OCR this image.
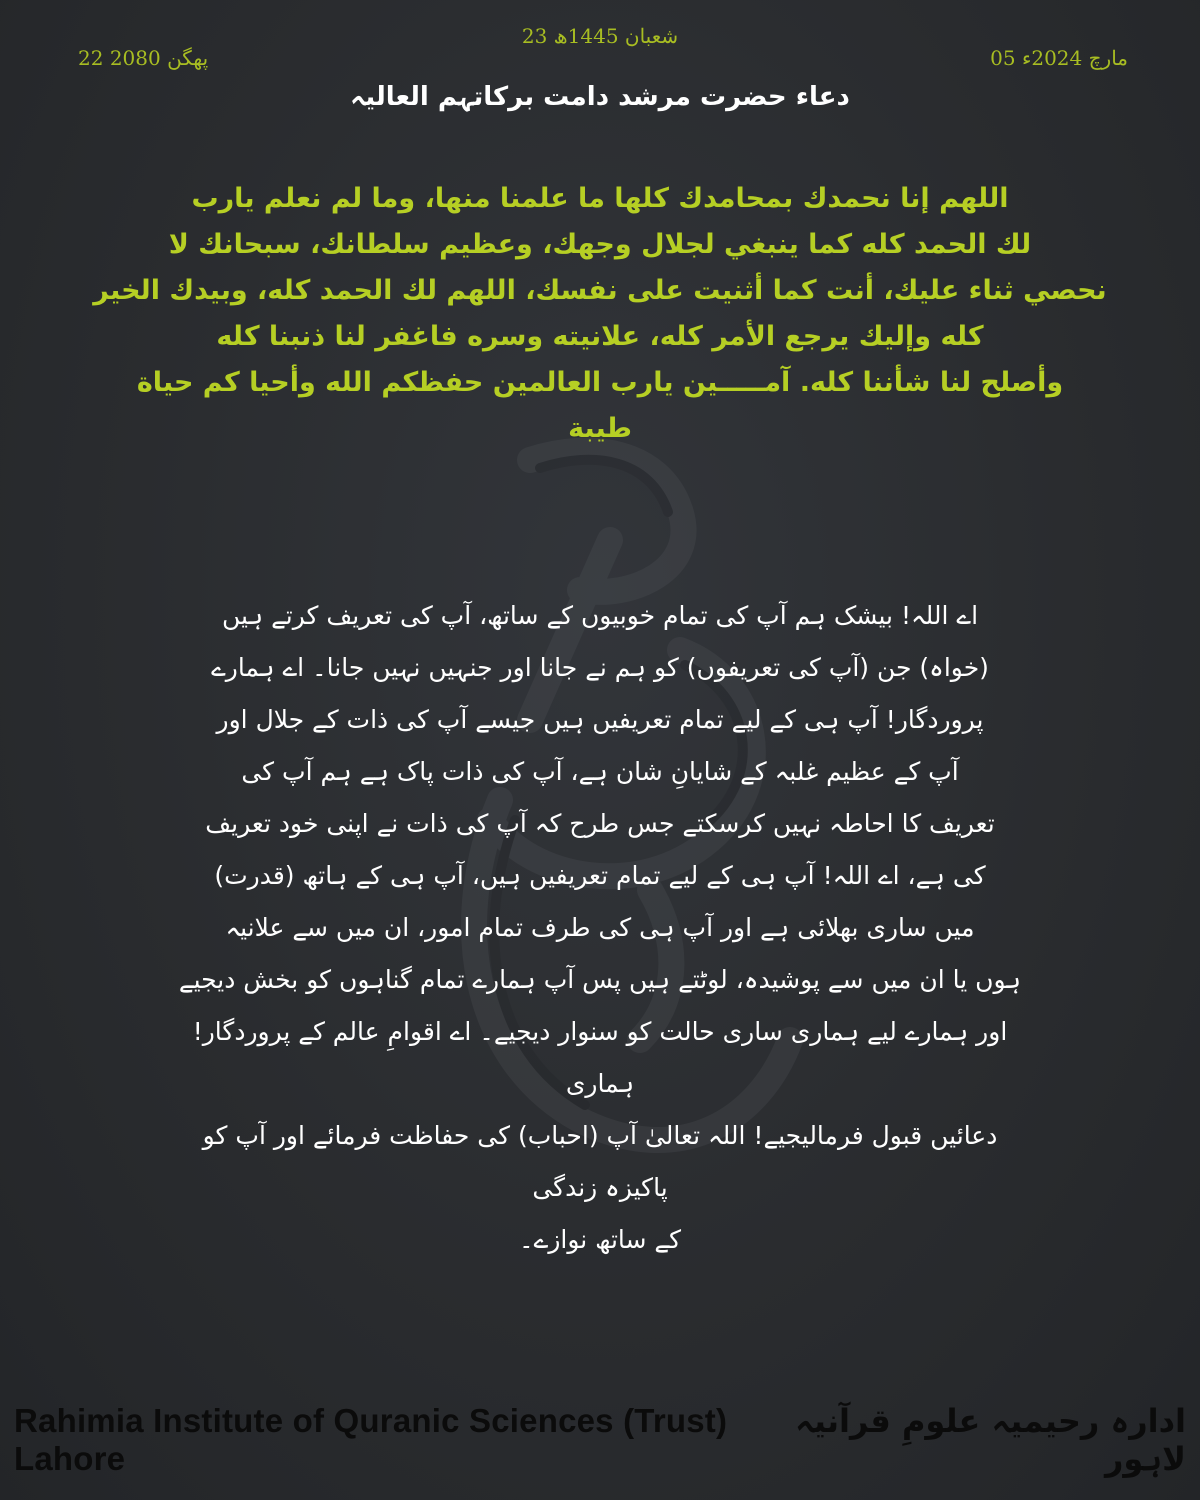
22 پھگن 2080
23 شعبان 1445ھ
05 مارچ 2024ء
دعاء حضرت مرشد دامت برکاتہم العالیہ
اللهم إنا نحمدك بمحامدك كلها ما علمنا منها، وما لم نعلم يارب
لك الحمد كله كما ينبغي لجلال وجهك، وعظيم سلطانك، سبحانك لا
نحصي ثناء عليك، أنت كما أثنيت على نفسك، اللهم لك الحمد كله، وبيدك الخير
كله وإليك يرجع الأمر كله، علانيته وسره فاغفر لنا ذنبنا كله
وأصلح لنا شأننا كله. آمـــــين يارب العالمين حفظكم الله وأحيا كم حياة
طيبة
اے اللہ! بیشک ہم آپ کی تمام خوبیوں کے ساتھ، آپ کی تعریف کرتے ہیں
(خواہ) جن (آپ کی تعریفوں) کو ہم نے جانا اور جنہیں نہیں جانا۔ اے ہمارے
پروردگار! آپ ہی کے لیے تمام تعریفیں ہیں جیسے آپ کی ذات کے جلال اور
آپ کے عظیم غلبہ کے شایانِ شان ہے، آپ کی ذات پاک ہے ہم آپ کی
تعریف کا احاطہ نہیں کرسکتے جس طرح کہ آپ کی ذات نے اپنی خود تعریف
کی ہے، اے اللہ! آپ ہی کے لیے تمام تعریفیں ہیں، آپ ہی کے ہاتھ (قدرت)
میں ساری بھلائی ہے اور آپ ہی کی طرف تمام امور، ان میں سے علانیہ
ہوں یا ان میں سے پوشیدہ، لوٹتے ہیں پس آپ ہمارے تمام گناہوں کو بخش دیجیے
اور ہمارے لیے ہماری ساری حالت کو سنوار دیجیے۔ اے اقوامِ عالم کے پروردگار! ہماری
دعائیں قبول فرمالیجیے! اللہ تعالیٰ آپ (احباب) کی حفاظت فرمائے اور آپ کو پاکیزہ زندگی
کے ساتھ نوازے۔
Rahimia Institute of Quranic Sciences (Trust) Lahore
ادارہ رحیمیہ علومِ قرآنیہ لاہور
